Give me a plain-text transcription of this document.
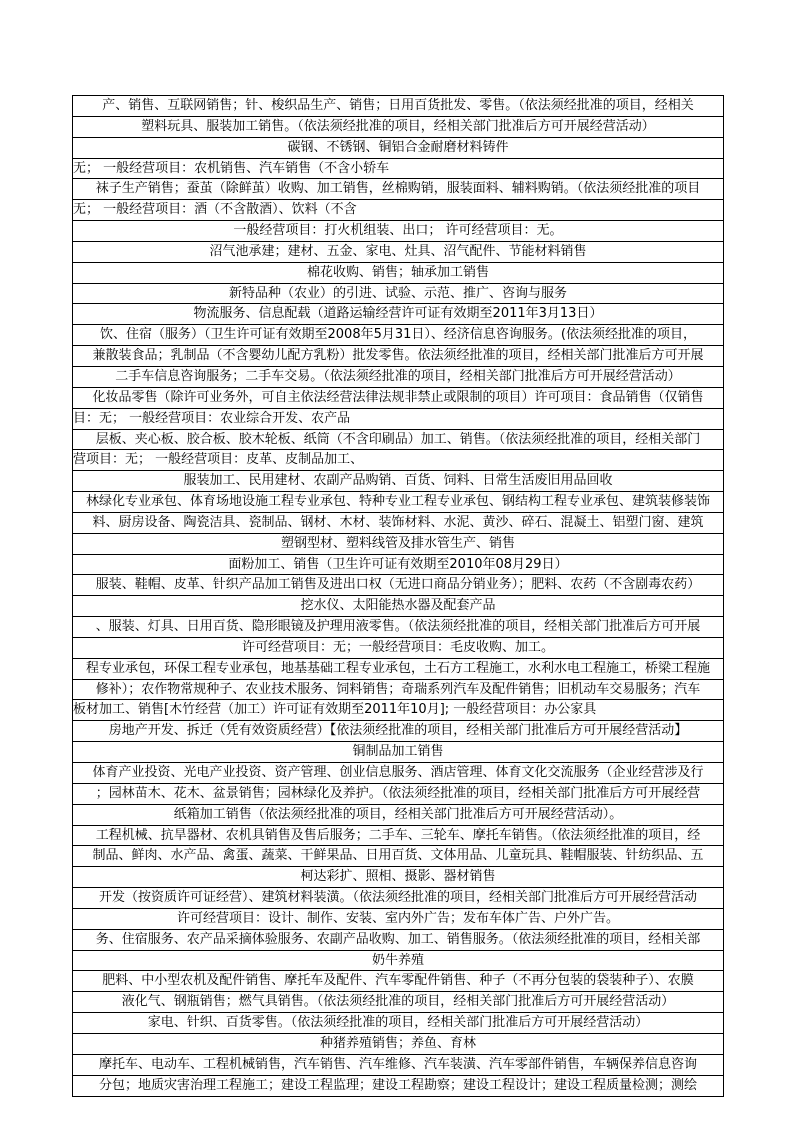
产、销售、互联网销售；针、梭织品生产、销售；日用百货批发、零售。（依法须经批准的项目，经相关
塑料玩具、服装加工销售。（依法须经批准的项目，经相关部门批准后方可开展经营活动）
碳钢、不锈钢、铜铝合金耐磨材料铸件
无； 一般经营项目：农机销售、汽车销售（不含小轿车
袜子生产销售；蚕茧（除鲜茧）收购、加工销售，丝棉购销，服装面料、辅料购销。（依法须经批准的项目
无； 一般经营项目：酒（不含散酒）、饮料（不含
一般经营项目：打火机组装、出口； 许可经营项目：无。
沼气池承建；建材、五金、家电、灶具、沼气配件、节能材料销售
棉花收购、销售；轴承加工销售
新特品种（农业）的引进、试验、示范、推广、咨询与服务
物流服务、信息配载（道路运输经营许可证有效期至2011年3月13日）
饮、住宿（服务）（卫生许可证有效期至2008年5月31日）、经济信息咨询服务。(依法须经批准的项目，
兼散装食品；乳制品（不含婴幼儿配方乳粉）批发零售。依法须经批准的项目，经相关部门批准后方可开展
二手车信息咨询服务；二手车交易。（依法须经批准的项目，经相关部门批准后方可开展经营活动）
化妆品零售（除许可业务外，可自主依法经营法律法规非禁止或限制的项目）许可项目：食品销售（仅销售
目：无； 一般经营项目：农业综合开发、农产品
层板、夹心板、胶合板、胶木轮板、纸筒（不含印刷品）加工、销售。（依法须经批准的项目，经相关部门
营项目：无； 一般经营项目：皮革、皮制品加工、
服装加工、民用建材、农副产品购销、百货、饲料、日常生活废旧用品回收
林绿化专业承包、体育场地设施工程专业承包、特种专业工程专业承包、钢结构工程专业承包、建筑装修装饰
料、厨房设备、陶瓷洁具、瓷制品、钢材、木材、装饰材料、水泥、黄沙、碎石、混凝土、铝塑门窗、建筑
塑钢型材、塑料线管及排水管生产、销售
面粉加工、销售（卫生许可证有效期至2010年08月29日）
服装、鞋帽、皮革、针织产品加工销售及进出口权（无进口商品分销业务）；肥料、农药（不含剧毒农药）
挖水仪、太阳能热水器及配套产品
、服装、灯具、日用百货、隐形眼镜及护理用液零售。（依法须经批准的项目，经相关部门批准后方可开展
许可经营项目：无；一般经营项目：毛皮收购、加工。
程专业承包，环保工程专业承包，地基基础工程专业承包，土石方工程施工，水利水电工程施工，桥梁工程施
修补）；农作物常规种子、农业技术服务、饲料销售；奇瑞系列汽车及配件销售；旧机动车交易服务；汽车
板材加工、销售[木竹经营（加工）许可证有效期至2011年10月]; 一般经营项目：办公家具
房地产开发、拆迁（凭有效资质经营）【依法须经批准的项目，经相关部门批准后方可开展经营活动】
铜制品加工销售
体育产业投资、光电产业投资、资产管理、创业信息服务、酒店管理、体育文化交流服务（企业经营涉及行
；园林苗木、花木、盆景销售；园林绿化及养护。（依法须经批准的项目，经相关部门批准后方可开展经营
纸箱加工销售（依法须经批准的项目，经相关部门批准后方可开展经营活动）。
工程机械、抗旱器材、农机具销售及售后服务；二手车、三轮车、摩托车销售。（依法须经批准的项目，经
制品、鲜肉、水产品、禽蛋、蔬菜、干鲜果品、日用百货、文体用品、儿童玩具、鞋帽服装、针纺织品、五
柯达彩扩、照相、摄影、器材销售
开发（按资质许可证经营）、建筑材料装潢。（依法须经批准的项目，经相关部门批准后方可开展经营活动
许可经营项目：设计、制作、安装、室内外广告；发布车体广告、户外广告。
务、住宿服务、农产品采摘体验服务、农副产品收购、加工、销售服务。（依法须经批准的项目，经相关部
奶牛养殖
肥料、中小型农机及配件销售、摩托车及配件、汽车零配件销售、种子（不再分包装的袋装种子）、农膜
液化气、钢瓶销售；燃气具销售。（依法须经批准的项目，经相关部门批准后方可开展经营活动）
家电、针织、百货零售。（依法须经批准的项目，经相关部门批准后方可开展经营活动）
种猪养殖销售；养鱼、育林
摩托车、电动车、工程机械销售，汽车销售、汽车维修、汽车装潢、汽车零部件销售，车辆保养信息咨询
分包；地质灾害治理工程施工；建设工程监理；建设工程勘察；建设工程设计；建设工程质量检测；测绘
